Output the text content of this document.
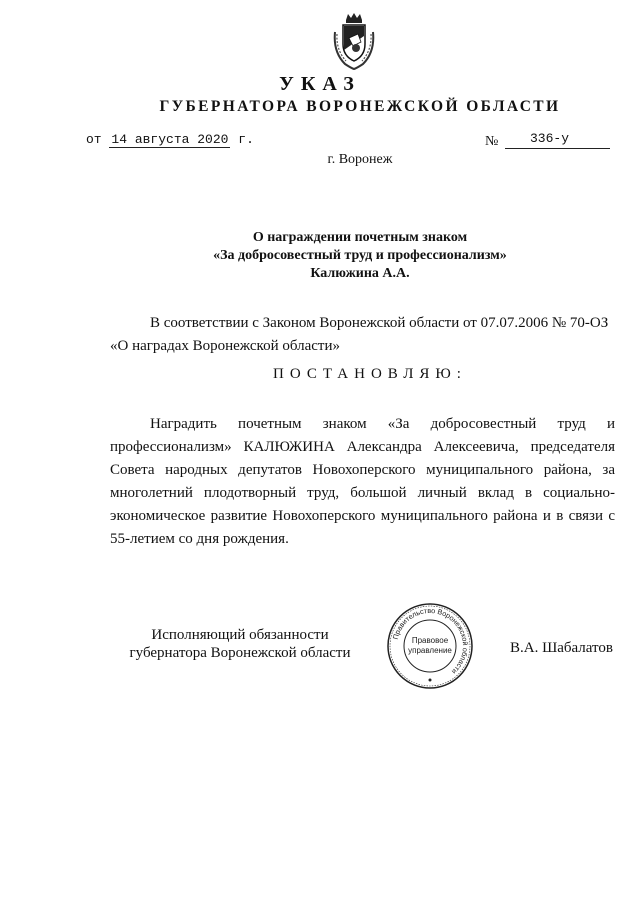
УКАЗ
ГУБЕРНАТОРА ВОРОНЕЖСКОЙ ОБЛАСТИ
от 14 августа 2020 г.	№ 336-у
г. Воронеж
О награждении почетным знаком
«За добросовестный труд и профессионализм»
Калюжина А.А.
В соответствии с Законом Воронежской области от 07.07.2006 № 70-ОЗ
«О наградах Воронежской области»
ПОСТАНОВЛЯЮ:
Наградить почетным знаком «За добросовестный труд и профессионализм» КАЛЮЖИНА Александра Алексеевича, председателя Совета народных депутатов Новохоперского муниципального района, за многолетний плодотворный труд, большой личный вклад в социально-экономическое развитие Новохоперского муниципального района и в связи с 55-летием со дня рождения.
Исполняющий обязанности
губернатора Воронежской области
Правительство Воронежской области
Правовое
управление	В.А. Шабалатов
